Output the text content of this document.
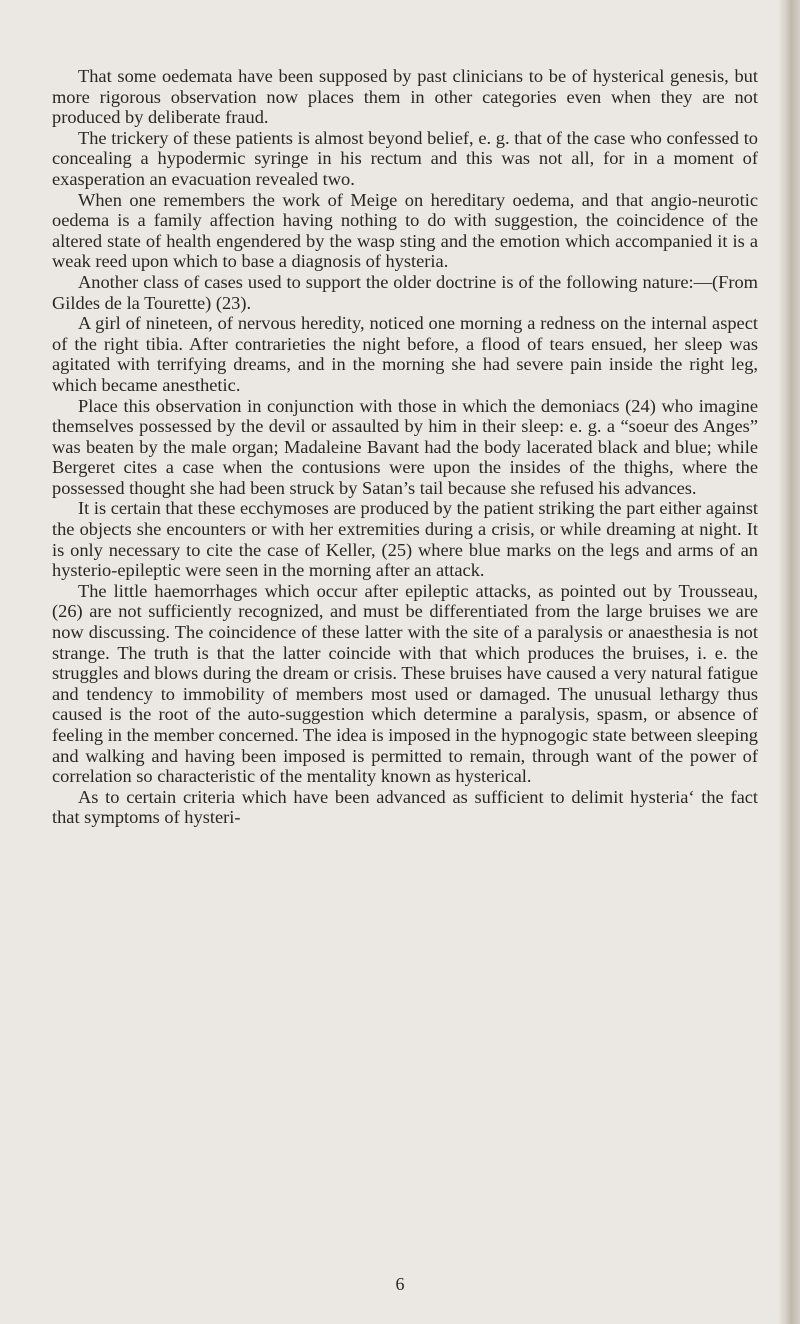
That some oedemata have been supposed by past clinicians to be of hysterical genesis, but more rigorous observation now places them in other categories even when they are not produced by deliberate fraud.

The trickery of these patients is almost beyond belief, e. g. that of the case who confessed to concealing a hypodermic syringe in his rectum and this was not all, for in a moment of exasperation an evacuation revealed two.

When one remembers the work of Meige on hereditary oedema, and that angio-neurotic oedema is a family affection having nothing to do with suggestion, the coincidence of the altered state of health engendered by the wasp sting and the emotion which accompanied it is a weak reed upon which to base a diagnosis of hysteria.

Another class of cases used to support the older doctrine is of the following nature:—(From Gildes de la Tourette) (23).

A girl of nineteen, of nervous heredity, noticed one morning a redness on the internal aspect of the right tibia. After contrarieties the night before, a flood of tears ensued, her sleep was agitated with terrifying dreams, and in the morning she had severe pain inside the right leg, which became anesthetic.

Place this observation in conjunction with those in which the demoniacs (24) who imagine themselves possessed by the devil or assaulted by him in their sleep: e. g. a “soeur des Anges” was beaten by the male organ; Madaleine Bavant had the body lacerated black and blue; while Bergeret cites a case when the contusions were upon the insides of the thighs, where the possessed thought she had been struck by Satan’s tail because she refused his advances.

It is certain that these ecchymoses are produced by the patient striking the part either against the objects she encounters or with her extremities during a crisis, or while dreaming at night. It is only necessary to cite the case of Keller, (25) where blue marks on the legs and arms of an hysterio-epileptic were seen in the morning after an attack.

The little haemorrhages which occur after epileptic attacks, as pointed out by Trousseau, (26) are not sufficiently recognized, and must be differentiated from the large bruises we are now discussing. The coincidence of these latter with the site of a paralysis or anaesthesia is not strange. The truth is that the latter coincide with that which produces the bruises, i. e. the struggles and blows during the dream or crisis. These bruises have caused a very natural fatigue and tendency to immobility of members most used or damaged. The unusual lethargy thus caused is the root of the auto-suggestion which determine a paralysis, spasm, or absence of feeling in the member concerned. The idea is imposed in the hypnogogic state between sleeping and walking and having been imposed is permitted to remain, through want of the power of correlation so characteristic of the mentality known as hysterical.

As to certain criteria which have been advanced as sufficient to delimit hysteria‘ the fact that symptoms of hysteri-

6
